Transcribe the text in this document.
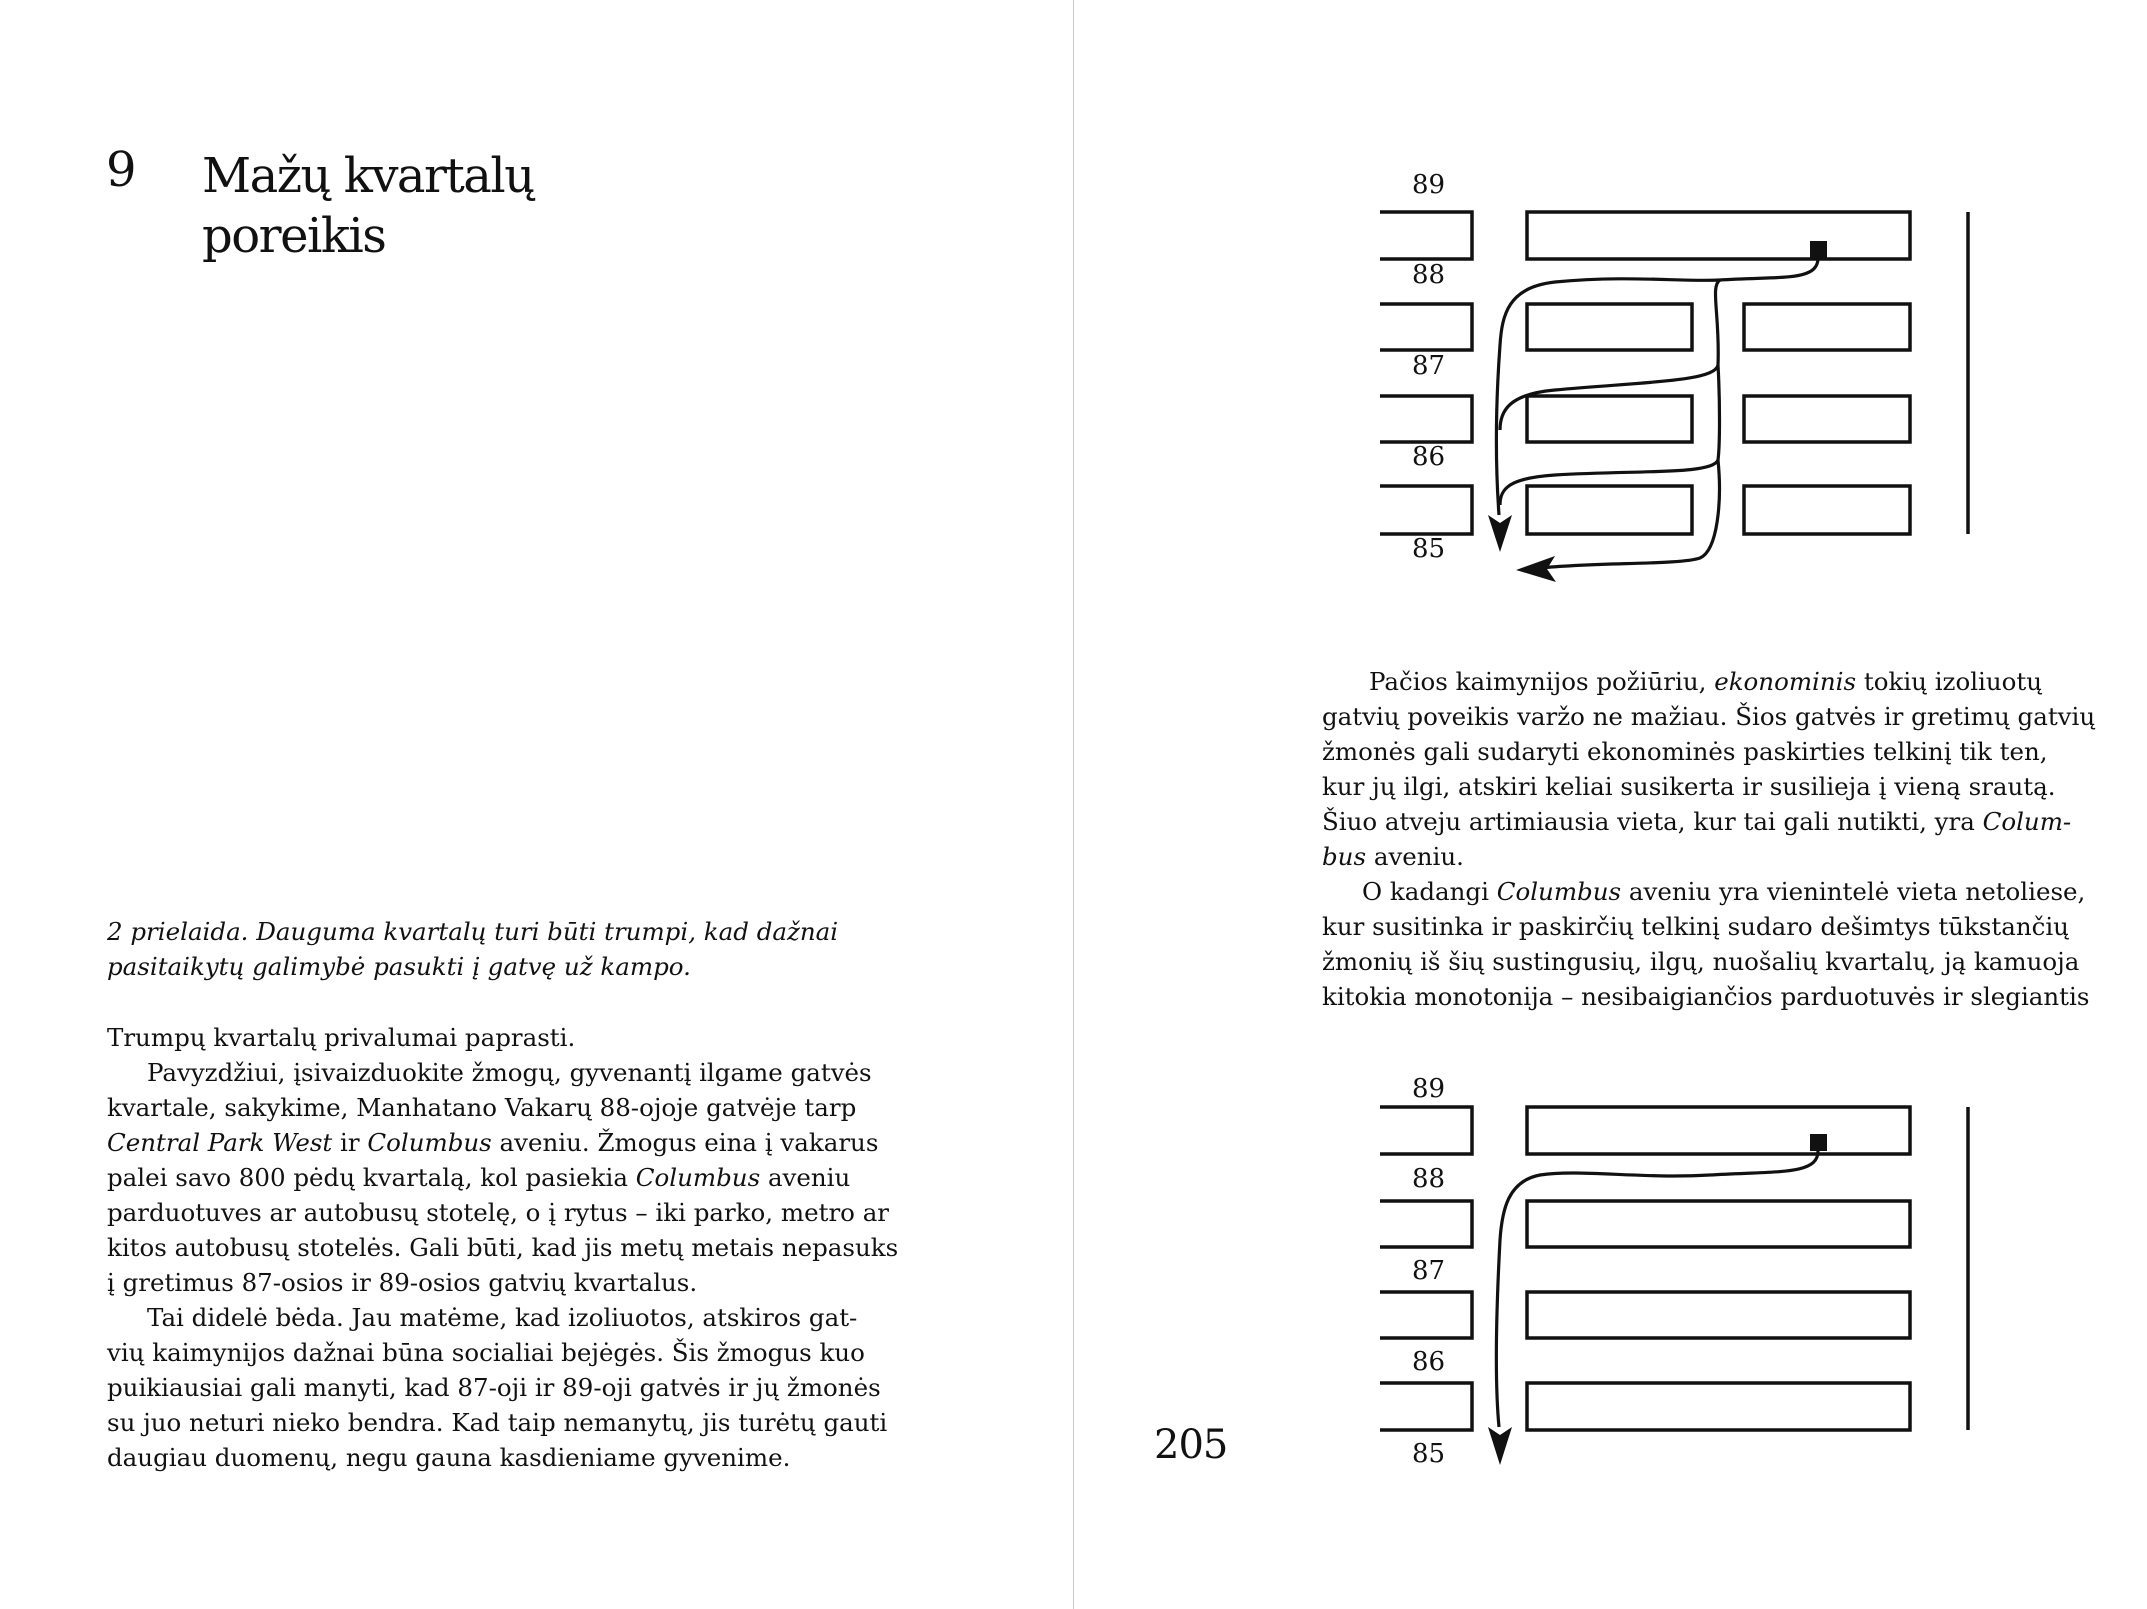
9 Mažų kvartalų
poreikis
2 prielaida. Dauguma kvartalų turi būti trumpi, kad dažnai
pasitaikytų galimybė pasukti į gatvę už kampo.
Trumpų kvartalų privalumai paprasti.
Pavyzdžiui, įsivaizduokite žmogų, gyvenantį ilgame gatvės
kvartale, sakykime, Manhatano Vakarų 88-ojoje gatvėje tarp
Central Park West ir Columbus aveniu. Žmogus eina į vakarus
palei savo 800 pėdų kvartalą, kol pasiekia Columbus aveniu
parduotuves ar autobusų stotelę, o į rytus – iki parko, metro ar
kitos autobusų stotelės. Gali būti, kad jis metų metais nepasuks
į gretimus 87-osios ir 89-osios gatvių kvartalus.
Tai didelė bėda. Jau matėme, kad izoliuotos, atskiros gat-
vių kaimynijos dažnai būna socialiai bejėgės. Šis žmogus kuo
puikiausiai gali manyti, kad 87-oji ir 89-oji gatvės ir jų žmonės
su juo neturi nieko bendra. Kad taip nemanytų, jis turėtų gauti
daugiau duomenų, negu gauna kasdieniame gyvenime.
89
88
87
86
85
Pačios kaimynijos požiūriu, ekonominis tokių izoliuotų
gatvių poveikis varžo ne mažiau. Šios gatvės ir gretimų gatvių
žmonės gali sudaryti ekonominės paskirties telkinį tik ten,
kur jų ilgi, atskiri keliai susikerta ir susilieja į vieną srautą.
Šiuo atveju artimiausia vieta, kur tai gali nutikti, yra Colum-
bus aveniu.
O kadangi Columbus aveniu yra vienintelė vieta netoliese,
kur susitinka ir paskirčių telkinį sudaro dešimtys tūkstančių
žmonių iš šių sustingusių, ilgų, nuošalių kvartalų, ją kamuoja
kitokia monotonija – nesibaigiančios parduotuvės ir slegiantis
89
88
87
86
85
205
